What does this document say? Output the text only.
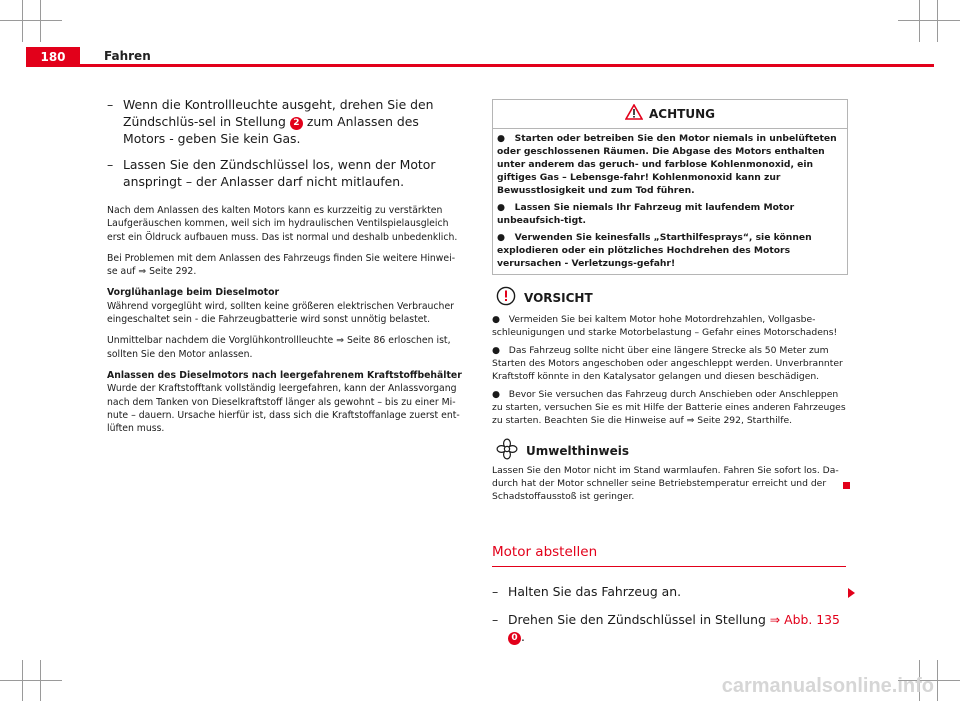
180	Fahren
– Wenn die Kontrollleuchte ausgeht, drehen Sie den Zündschlüs-sel in Stellung 2 zum Anlassen des Motors - geben Sie kein Gas.
– Lassen Sie den Zündschlüssel los, wenn der Motor anspringt – der Anlasser darf nicht mitlaufen.

Nach dem Anlassen des kalten Motors kann es kurzzeitig zu verstärkten Laufgeräuschen kommen, weil sich im hydraulischen Ventilspielausgleich erst ein Öldruck aufbauen muss. Das ist normal und deshalb unbedenklich.

Bei Problemen mit dem Anlassen des Fahrzeugs finden Sie weitere Hinwei-se auf ⇒ Seite 292.

Vorglühanlage beim Dieselmotor

Während vorgeglüht wird, sollten keine größeren elektrischen Verbraucher eingeschaltet sein - die Fahrzeugbatterie wird sonst unnötig belastet.

Unmittelbar nachdem die Vorglühkontrollleuchte ⇒ Seite 86 erloschen ist, sollten Sie den Motor anlassen.

Anlassen des Dieselmotors nach leergefahrenem Kraftstoffbehälter

Wurde der Kraftstofftank vollständig leergefahren, kann der Anlassvorgang nach dem Tanken von Dieselkraftstoff länger als gewohnt – bis zu einer Mi-nute – dauern. Ursache hierfür ist, dass sich die Kraftstoffanlage zuerst ent-lüften muss.

ACHTUNG

● Starten oder betreiben Sie den Motor niemals in unbelüfteten oder geschlossenen Räumen. Die Abgase des Motors enthalten unter anderem das geruch- und farblose Kohlenmonoxid, ein giftiges Gas – Lebensge-fahr! Kohlenmonoxid kann zur Bewusstlosigkeit und zum Tod führen.

● Lassen Sie niemals Ihr Fahrzeug mit laufendem Motor unbeaufsich-tigt.

● Verwenden Sie keinesfalls „Starthilfesprays“, sie können explodieren oder ein plötzliches Hochdrehen des Motors verursachen - Verletzungs-gefahr!

VORSICHT

● Vermeiden Sie bei kaltem Motor hohe Motordrehzahlen, Vollgasbe-schleunigungen und starke Motorbelastung – Gefahr eines Motorschadens!

● Das Fahrzeug sollte nicht über eine längere Strecke als 50 Meter zum Starten des Motors angeschoben oder angeschleppt werden. Unverbrannter Kraftstoff könnte in den Katalysator gelangen und diesen beschädigen.

● Bevor Sie versuchen das Fahrzeug durch Anschieben oder Anschleppen zu starten, versuchen Sie es mit Hilfe der Batterie eines anderen Fahrzeuges zu starten. Beachten Sie die Hinweise auf ⇒ Seite 292, Starthilfe.

Umwelthinweis

Lassen Sie den Motor nicht im Stand warmlaufen. Fahren Sie sofort los. Da-durch hat der Motor schneller seine Betriebstemperatur erreicht und der Schadstoffausstoß ist geringer.

Motor abstellen
– Halten Sie das Fahrzeug an.
– Drehen Sie den Zündschlüssel in Stellung ⇒ Abb. 135 0 .
carmanualsonline.info
